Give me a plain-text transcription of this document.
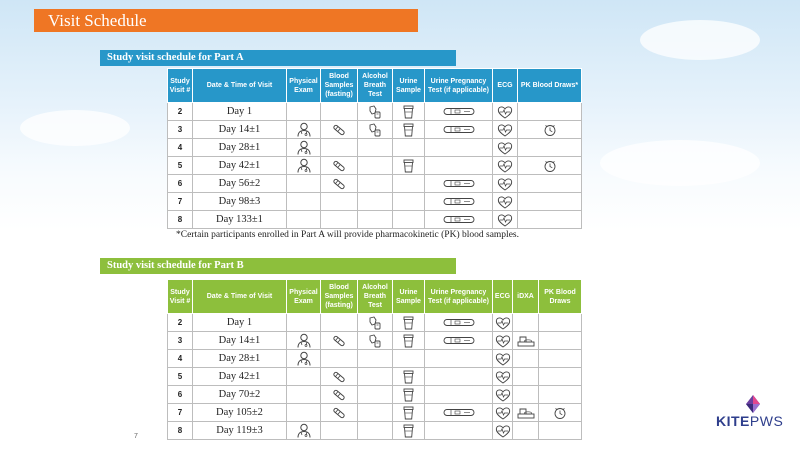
Visit Schedule
Study visit schedule for Part A
Study Visit #	Date & Time of Visit	Physical Exam	Blood Samples (fasting)	Alcohol Breath Test	Urine Sample	Urine Pregnancy Test (if applicable)	ECG	PK Blood Draws*
2	Day 1			

3	Day 14±1	

4	Day 28±1	

5	Day 42±1	

6	Day 56±2		

7	Day 98±3					

8	Day 133±1					

*Certain participants enrolled in Part A will provide pharmacokinetic (PK) blood samples.
Study visit schedule for Part B
Study Visit #	Date & Time of Visit	Physical Exam	Blood Samples (fasting)	Alcohol Breath Test	Urine Sample	Urine Pregnancy Test (if applicable)	ECG	iDXA	PK Blood Draws
2	Day 1			

3	Day 14±1	

4	Day 28±1	

5	Day 42±1		

6	Day 70±2		

7	Day 105±2		

8	Day 119±3	

7
KITEPWS
